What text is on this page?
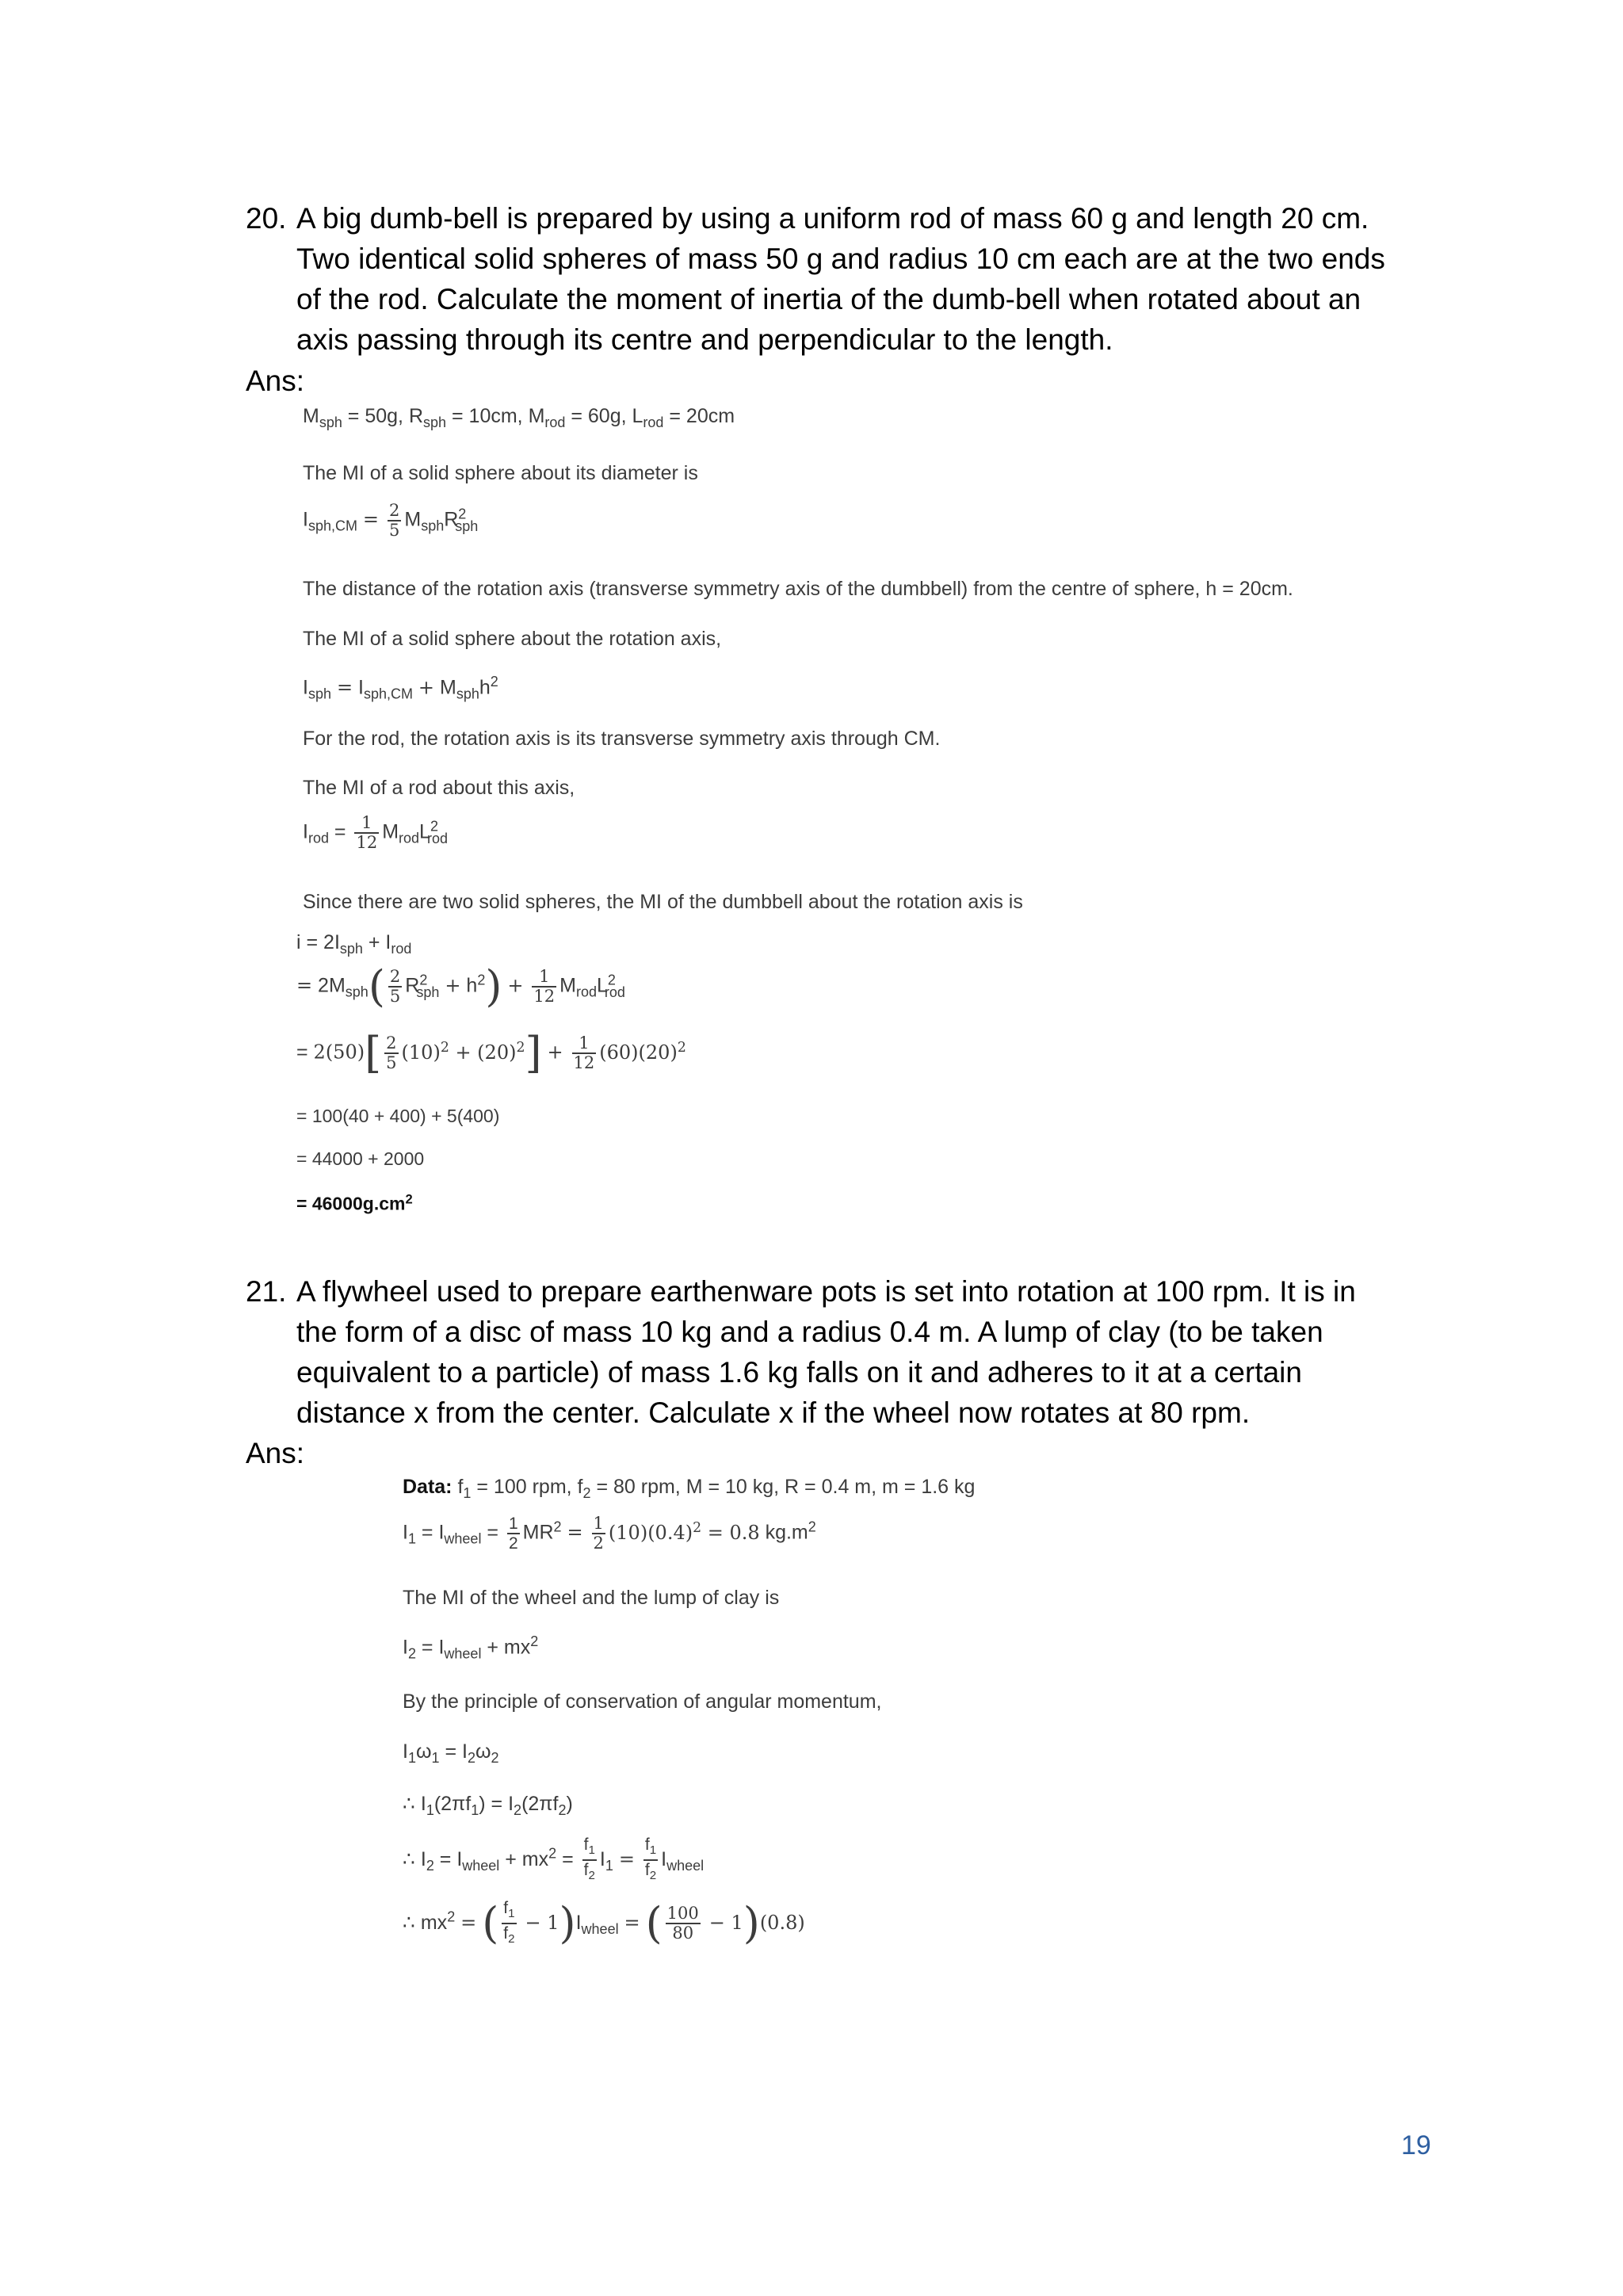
20. A big dumb-bell is prepared by using a uniform rod of mass 60 g and length 20 cm.
Two identical solid spheres of mass 50 g and radius 10 cm each are at the two ends
of the rod. Calculate the moment of inertia of the dumb-bell when rotated about an
axis passing through its centre and perpendicular to the length.
Ans:
$M_{sph} = 50g$, $R_{sph} = 10cm$, $M_{rod} = 60g$, $L_{rod} = 20cm$
The MI of a solid sphere about its diameter is
$I_{sph,CM} = \frac{2}{5} M_{sph}R^2_{sph}$
The distance of the rotation axis (transverse symmetry axis of the dumbbell) from the centre of sphere, h = 20cm.
The MI of a solid sphere about the rotation axis,
$I_{sph} = I_{sph,CM} + M_{sph}h^2$
For the rod, the rotation axis is its transverse symmetry axis through CM.
The MI of a rod about this axis,
$I_{rod} = \frac{1}{12} M_{rod}L^2_{rod}$
Since there are two solid spheres, the MI of the dumbbell about the rotation axis is
$i = 2I_{sph} + I_{rod}$
= $2M_{sph}( \frac{2}{5} R^2_{sph} + h^2) + \frac{1}{12} M_{rod}L^2_{rod}$
= $2(50)[ \frac{2}{5} (10)^2 + (20)^2] + \frac{1}{12} (60)(20)^2$
= 100(40 + 400) + 5(400)
= 44000 + 2000
= $46000g.cm^2$
21. A flywheel used to prepare earthenware pots is set into rotation at 100 rpm. It is in
the form of a disc of mass 10 kg and a radius 0.4 m. A lump of clay (to be taken
equivalent to a particle) of mass 1.6 kg falls on it and adheres to it at a certain
distance x from the center. Calculate x if the wheel now rotates at 80 rpm.
Ans:
Data: $f_1 = 100$ rpm, $f_2 = 80$ rpm, M = 10 kg, R = 0.4 m, m = 1.6 kg
$I_1 = I_{wheel} = \frac{1}{2} MR^2 = \frac{1}{2} (10)(0.4)^2 = 0.8$ $kg.m^2$
The MI of the wheel and the lump of clay is
$I_2 = I_{wheel} + mx^2$
By the principle of conservation of angular momentum,
$I_1\omega_1 = I_2\omega_2$
∴ $I_1(2\pi f_1) = I_2(2\pi f_2)$
∴ $I_2 = I_{wheel} + mx^2 = \frac{f_1}{f_2} I_1 = \frac{f_1}{f_2} I_{wheel}$
∴ $mx^2$ = ( $\frac{f_1}{f_2} - 1)I_{wheel}$ = ( $\frac{100}{80} - 1)(0.8)$
19
